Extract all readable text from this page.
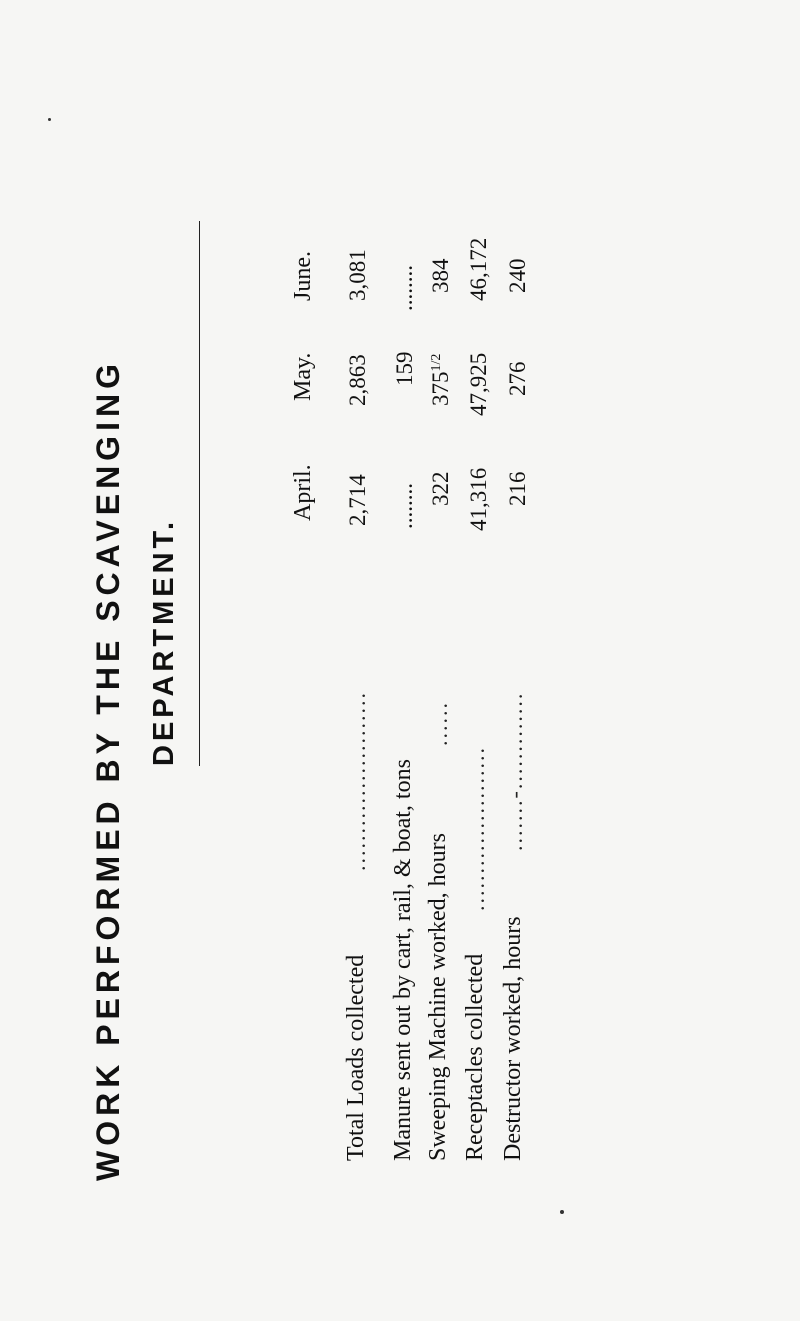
WORK PERFORMED BY THE SCAVENGING DEPARTMENT.
April.
May.
June.
Total Loads collected
........................
2,714
2,863
3,081
Manure sent out by cart, rail, & boat, tons
........
159
........
Sweeping Machine worked, hours
......
322
$375^{1/2}$
384
Receptacles collected
......................
41,316
47,925
46,172
Destructor worked, hours
.......-.............
216
276
240
